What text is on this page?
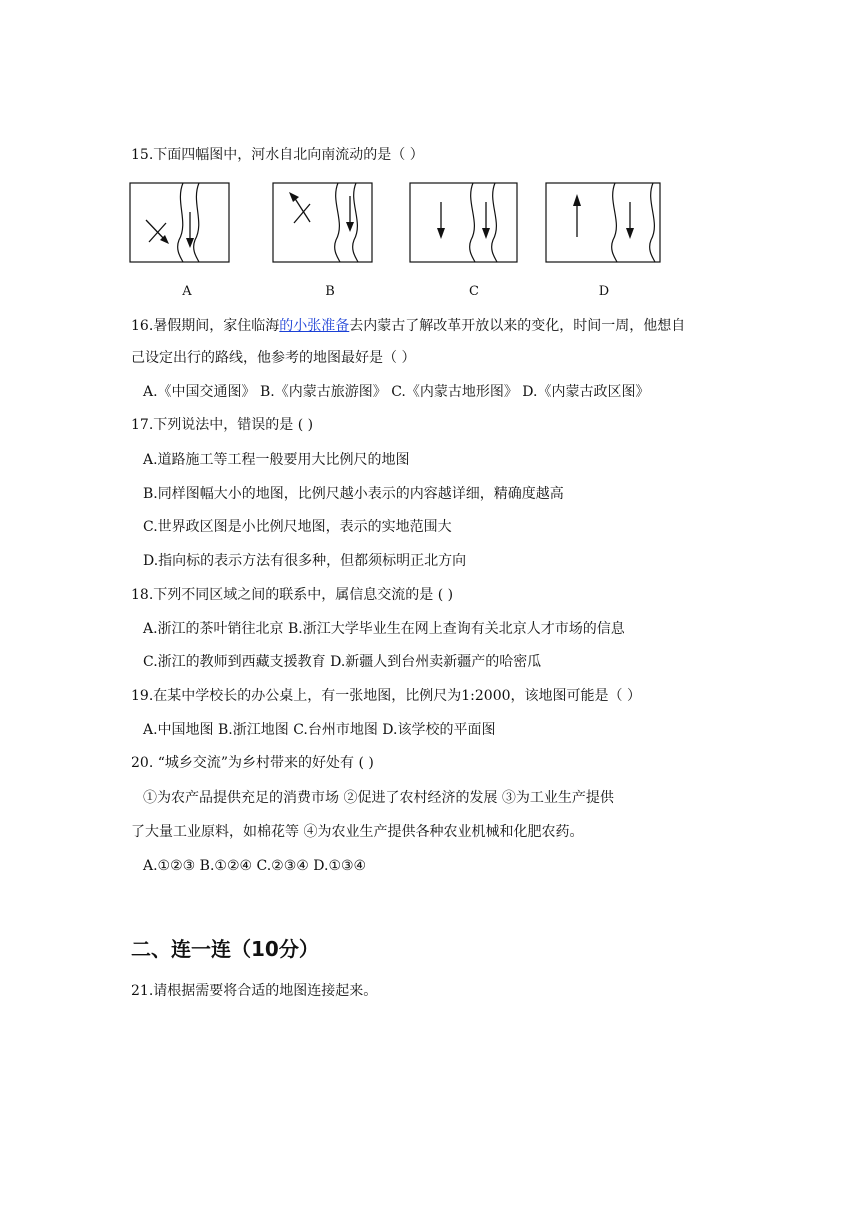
15.下面四幅图中，河水自北向南流动的是（ ）
A	B	C	D
16.暑假期间，家住临海的小张准备去内蒙古了解改革开放以来的变化，时间一周，他想自
己设定出行的路线，他参考的地图最好是（ ）
A.《中国交通图》 B.《内蒙古旅游图》 C.《内蒙古地形图》 D.《内蒙古政区图》
17.下列说法中，错误的是 ( )
A.道路施工等工程一般要用大比例尺的地图
B.同样图幅大小的地图，比例尺越小表示的内容越详细，精确度越高
C.世界政区图是小比例尺地图，表示的实地范围大
D.指向标的表示方法有很多种，但都须标明正北方向
18.下列不同区域之间的联系中，属信息交流的是 ( )
A.浙江的茶叶销往北京 B.浙江大学毕业生在网上查询有关北京人才市场的信息
C.浙江的教师到西藏支援教育 D.新疆人到台州卖新疆产的哈密瓜
19.在某中学校长的办公桌上，有一张地图，比例尺为1:2000，该地图可能是（ ）
A.中国地图 B.浙江地图 C.台州市地图 D.该学校的平面图
20. “城乡交流”为乡村带来的好处有 ( )
①为农产品提供充足的消费市场 ②促进了农村经济的发展 ③为工业生产提供
了大量工业原料，如棉花等 ④为农业生产提供各种农业机械和化肥农药。
A.①②③ B.①②④ C.②③④ D.①③④
二、连一连（10分）
21.请根据需要将合适的地图连接起来。
